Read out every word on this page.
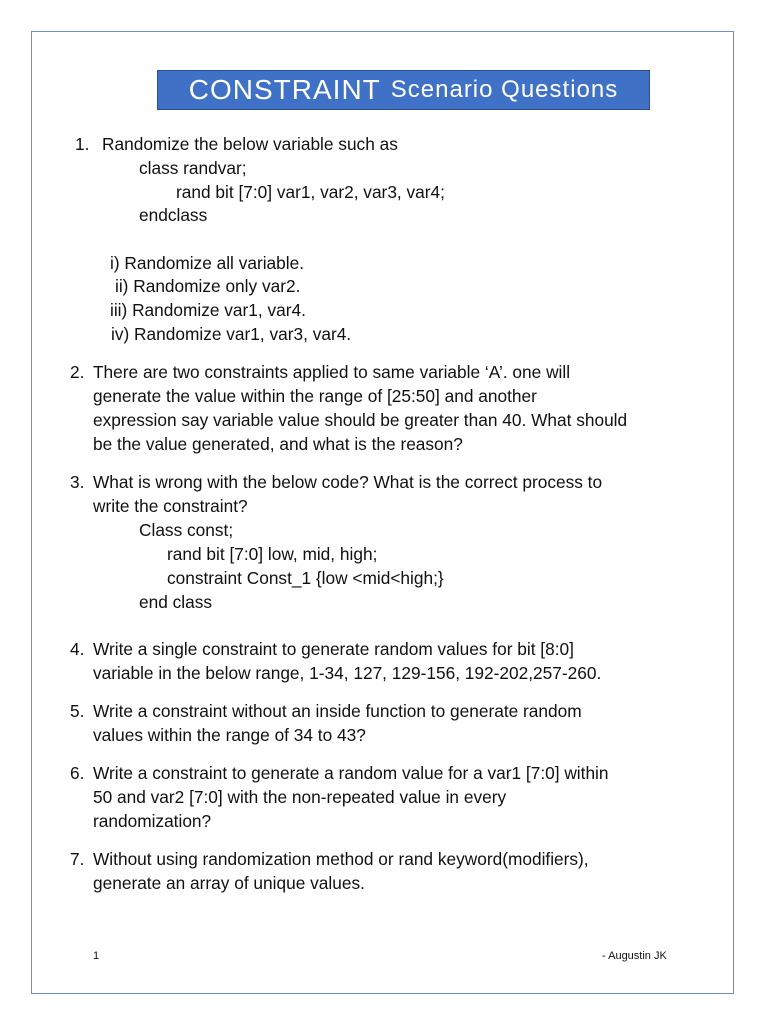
CONSTRAINT Scenario Questions
1. Randomize the below variable such as
class randvar;
rand bit [7:0] var1, var2, var3, var4;
endclass
i) Randomize all variable.
ii) Randomize only var2.
iii) Randomize var1, var4.
iv) Randomize var1, var3, var4.
2. There are two constraints applied to same variable ‘A’. one will
generate the value within the range of [25:50] and another
expression say variable value should be greater than 40. What should
be the value generated, and what is the reason?
3. What is wrong with the below code? What is the correct process to
write the constraint?
Class const;
rand bit [7:0] low, mid, high;
constraint Const_1 {low <mid<high;}
end class
4. Write a single constraint to generate random values for bit [8:0]
variable in the below range, 1-34, 127, 129-156, 192-202,257-260.
5. Write a constraint without an inside function to generate random
values within the range of 34 to 43?
6. Write a constraint to generate a random value for a var1 [7:0] within
50 and var2 [7:0] with the non-repeated value in every
randomization?
7. Without using randomization method or rand keyword(modifiers),
generate an array of unique values.
1	- Augustin JK
